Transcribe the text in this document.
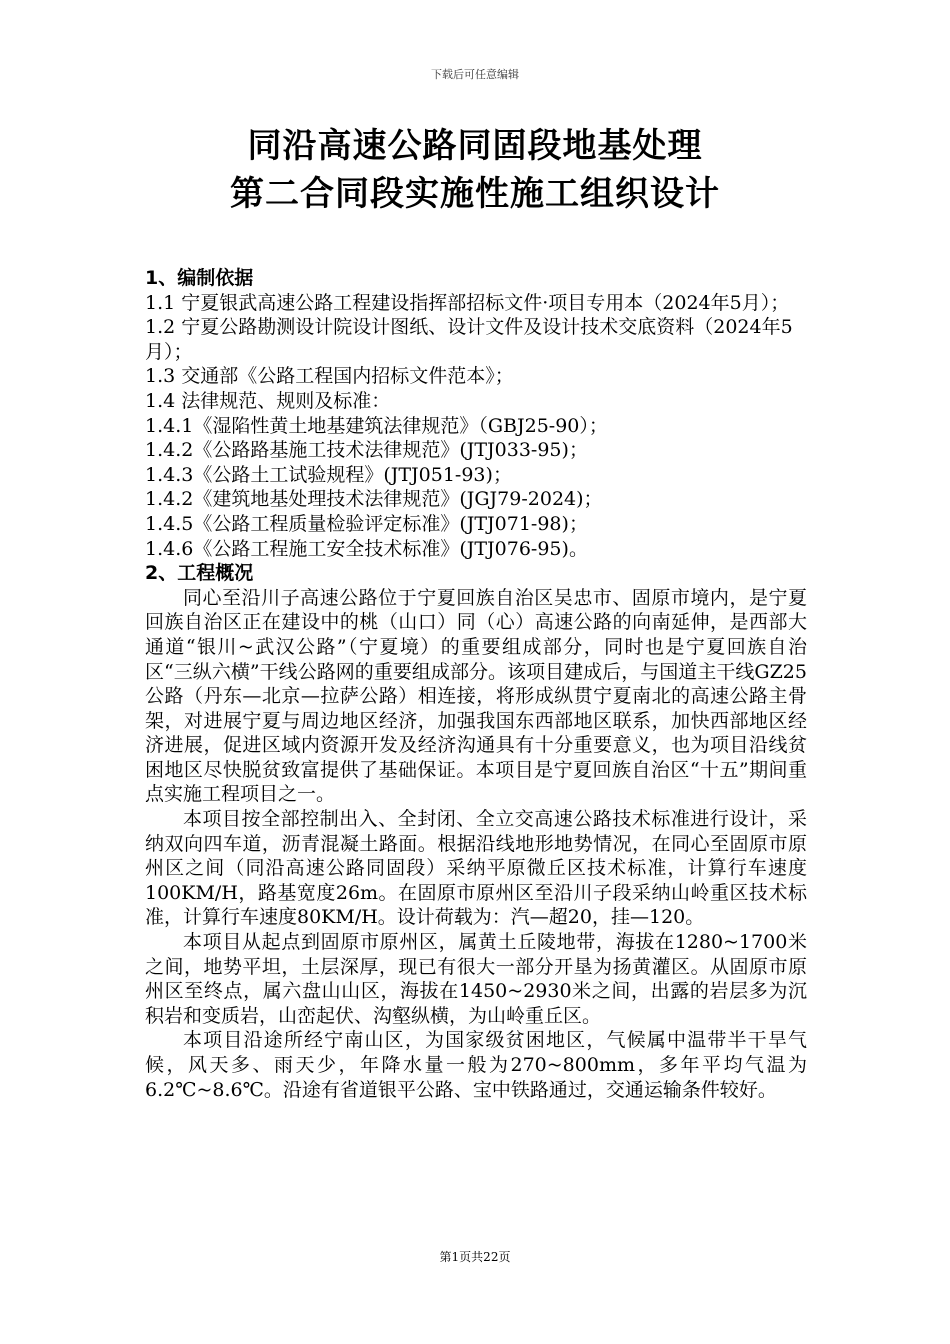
下载后可任意编辑
同沿高速公路同固段地基处理
第二合同段实施性施工组织设计

1、编制依据

1.1 宁夏银武高速公路工程建设指挥部招标文件·项目专用本（2024年5月）；

1.2 宁夏公路勘测设计院设计图纸、设计文件及设计技术交底资料（2024年5月）；

1.3 交通部《公路工程国内招标文件范本》；

1.4 法律规范、规则及标准：

1.4.1《湿陷性黄土地基建筑法律规范》（GBJ25-90）；

1.4.2《公路路基施工技术法律规范》(JTJ033-95)；

1.4.3《公路土工试验规程》(JTJ051-93)；

1.4.2《建筑地基处理技术法律规范》(JGJ79-2024)；

1.4.5《公路工程质量检验评定标准》(JTJ071-98)；

1.4.6《公路工程施工安全技术标准》(JTJ076-95)。

2、工程概况

同心至沿川子高速公路位于宁夏回族自治区吴忠市、固原市境内，是宁夏回族自治区正在建设中的桃（山口）同（心）高速公路的向南延伸，是西部大通道“银川~武汉公路”（宁夏境）的重要组成部分，同时也是宁夏回族自治区“三纵六横”干线公路网的重要组成部分。该项目建成后，与国道主干线GZ25公路（丹东—北京—拉萨公路）相连接，将形成纵贯宁夏南北的高速公路主骨架，对进展宁夏与周边地区经济，加强我国东西部地区联系，加快西部地区经济进展，促进区域内资源开发及经济沟通具有十分重要意义，也为项目沿线贫困地区尽快脱贫致富提供了基础保证。本项目是宁夏回族自治区“十五”期间重点实施工程项目之一。

本项目按全部控制出入、全封闭、全立交高速公路技术标准进行设计，采纳双向四车道，沥青混凝土路面。根据沿线地形地势情况，在同心至固原市原州区之间（同沿高速公路同固段）采纳平原微丘区技术标准，计算行车速度100KM/H，路基宽度26m。在固原市原州区至沿川子段采纳山岭重区技术标准，计算行车速度80KM/H。设计荷载为：汽—超20，挂—120。

本项目从起点到固原市原州区，属黄土丘陵地带，海拔在1280~1700米之间，地势平坦，土层深厚，现已有很大一部分开垦为扬黄灌区。从固原市原州区至终点，属六盘山山区，海拔在1450~2930米之间，出露的岩层多为沉积岩和变质岩，山峦起伏、沟壑纵横，为山岭重丘区。

本项目沿途所经宁南山区，为国家级贫困地区，气候属中温带半干旱气候，风天多、雨天少，年降水量一般为270~800mm，多年平均气温为6.2℃~8.6℃。沿途有省道银平公路、宝中铁路通过，交通运输条件较好。

第1页共22页
